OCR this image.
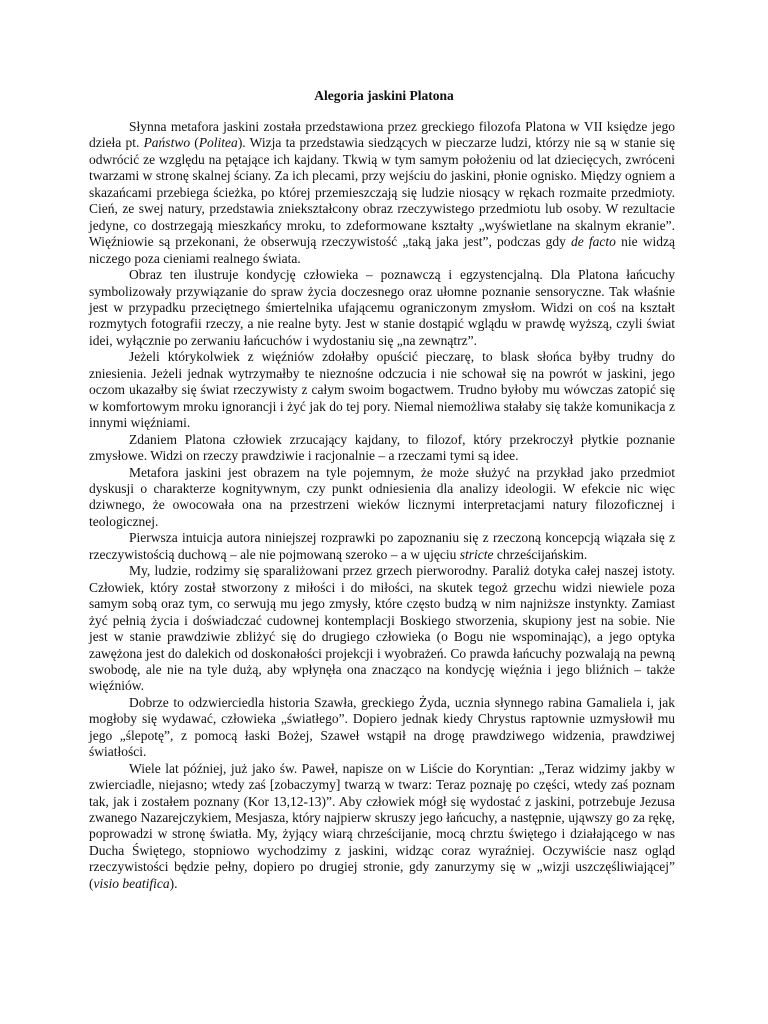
Alegoria jaskini Platona

Słynna metafora jaskini została przedstawiona przez greckiego filozofa Platona w VII księdze jego dzieła pt. Państwo (Politea). Wizja ta przedstawia siedzących w pieczarze ludzi, którzy nie są w stanie się odwrócić ze względu na pętające ich kajdany. Tkwią w tym samym położeniu od lat dziecięcych, zwróceni twarzami w stronę skalnej ściany. Za ich plecami, przy wejściu do jaskini, płonie ognisko. Między ogniem a skazańcami przebiega ścieżka, po której przemieszczają się ludzie niosący w rękach rozmaite przedmioty. Cień, ze swej natury, przedstawia zniekształcony obraz rzeczywistego przedmiotu lub osoby. W rezultacie jedyne, co dostrzegają mieszkańcy mroku, to zdeformowane kształty „wyświetlane na skalnym ekranie”. Więźniowie są przekonani, że obserwują rzeczywistość „taką jaka jest”, podczas gdy de facto nie widzą niczego poza cieniami realnego świata.

Obraz ten ilustruje kondycję człowieka – poznawczą i egzystencjalną. Dla Platona łańcuchy symbolizowały przywiązanie do spraw życia doczesnego oraz ułomne poznanie sensoryczne. Tak właśnie jest w przypadku przeciętnego śmiertelnika ufającemu ograniczonym zmysłom. Widzi on coś na kształt rozmytych fotografii rzeczy, a nie realne byty. Jest w stanie dostąpić wglądu w prawdę wyższą, czyli świat idei, wyłącznie po zerwaniu łańcuchów i wydostaniu się „na zewnątrz”.

Jeżeli którykolwiek z więźniów zdołałby opuścić pieczarę, to blask słońca byłby trudny do zniesienia. Jeżeli jednak wytrzymałby te nieznośne odczucia i nie schował się na powrót w jaskini, jego oczom ukazałby się świat rzeczywisty z całym swoim bogactwem. Trudno byłoby mu wówczas zatopić się w komfortowym mroku ignorancji i żyć jak do tej pory. Niemal niemożliwa stałaby się także komunikacja z innymi więźniami.

Zdaniem Platona człowiek zrzucający kajdany, to filozof, który przekroczył płytkie poznanie zmysłowe. Widzi on rzeczy prawdziwie i racjonalnie – a rzeczami tymi są idee.

Metafora jaskini jest obrazem na tyle pojemnym, że może służyć na przykład jako przedmiot dyskusji o charakterze kognitywnym, czy punkt odniesienia dla analizy ideologii. W efekcie nic więc dziwnego, że owocowała ona na przestrzeni wieków licznymi interpretacjami natury filozoficznej i teologicznej.

Pierwsza intuicja autora niniejszej rozprawki po zapoznaniu się z rzeczoną koncepcją wiązała się z rzeczywistością duchową – ale nie pojmowaną szeroko – a w ujęciu stricte chrześcijańskim.

My, ludzie, rodzimy się sparaliżowani przez grzech pierworodny. Paraliż dotyka całej naszej istoty. Człowiek, który został stworzony z miłości i do miłości, na skutek tegoż grzechu widzi niewiele poza samym sobą oraz tym, co serwują mu jego zmysły, które często budzą w nim najniższe instynkty. Zamiast żyć pełnią życia i doświadczać cudownej kontemplacji Boskiego stworzenia, skupiony jest na sobie. Nie jest w stanie prawdziwie zbliżyć się do drugiego człowieka (o Bogu nie wspominając), a jego optyka zawężona jest do dalekich od doskonałości projekcji i wyobrażeń. Co prawda łańcuchy pozwalają na pewną swobodę, ale nie na tyle dużą, aby wpłynęła ona znacząco na kondycję więźnia i jego bliźnich – także więźniów.

Dobrze to odzwierciedla historia Szawła, greckiego Żyda, ucznia słynnego rabina Gamaliela i, jak mogłoby się wydawać, człowieka „światłego”. Dopiero jednak kiedy Chrystus raptownie uzmysłowił mu jego „ślepotę”, z pomocą łaski Bożej, Szaweł wstąpił na drogę prawdziwego widzenia, prawdziwej światłości.

Wiele lat później, już jako św. Paweł, napisze on w Liście do Koryntian: „Teraz widzimy jakby w zwierciadle, niejasno; wtedy zaś [zobaczymy] twarzą w twarz: Teraz poznaję po części, wtedy zaś poznam tak, jak i zostałem poznany (Kor 13,12-13)”. Aby człowiek mógł się wydostać z jaskini, potrzebuje Jezusa zwanego Nazarejczykiem, Mesjasza, który najpierw skruszy jego łańcuchy, a następnie, ująwszy go za rękę, poprowadzi w stronę światła. My, żyjący wiarą chrześcijanie, mocą chrztu świętego i działającego w nas Ducha Świętego, stopniowo wychodzimy z jaskini, widząc coraz wyraźniej. Oczywiście nasz ogląd rzeczywistości będzie pełny, dopiero po drugiej stronie, gdy zanurzymy się w „wizji uszczęśliwiającej” (visio beatifica).
